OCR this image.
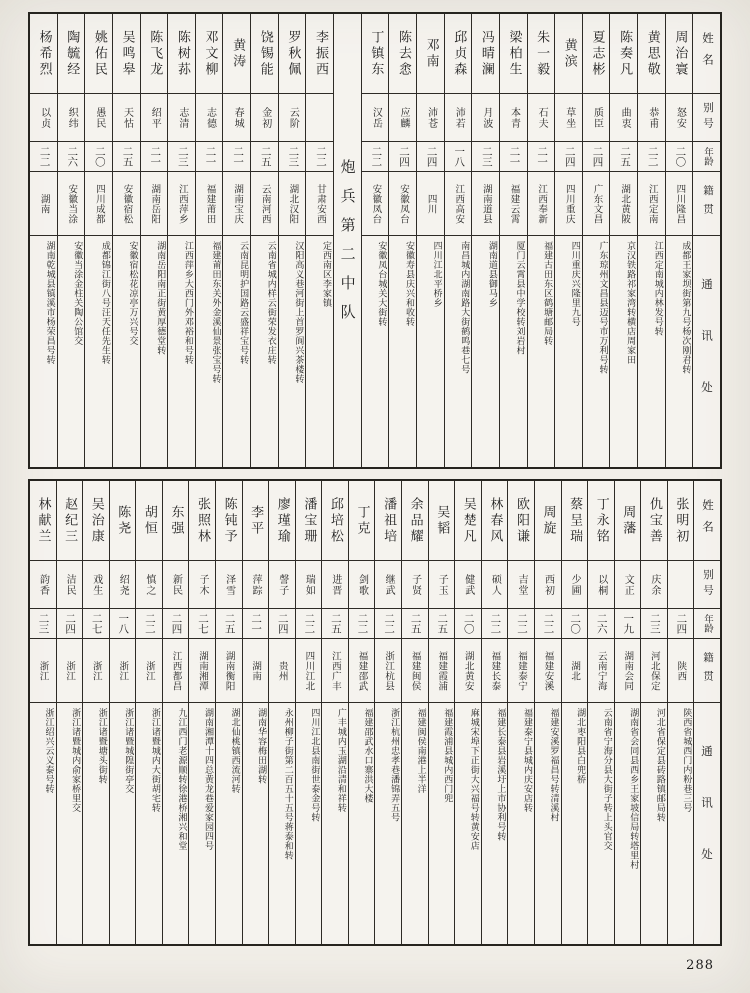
姓名
别号
年龄
籍贯
通讯处
周治寰
怒安
二〇
四川隆昌
成都王家坝街第九号杨次刚君转
黄思敬
恭甫
二二
江西定南
江西定南城内林发号转
陈奏凡
曲衷
二五
湖北黄陂
京汉铁路祁家湾转横店周家田
夏志彬
质臣
二四
广东文昌
广东琼州文昌县迈号市万利号转
黄滨
草坐
二四
四川重庆
四川重庆兴隆里九号
朱一毅
石夫
二一
江西奉新
福建古田东区鹤塘邮局转
梁柏生
本青
二一
福建云霄
厦门云霄县中学校转刘岩村
冯晴澜
月波
二三
湖南道县
湖南道县御马乡
邱贞森
沛若
一八
江西高安
南昌城内湖南路大街鹤鸣巷七号
邓南
沛苍
二四
四川
四川江北平桥乡
陈去悆
应麟
二四
安徽凤台
安徽寿县庆兴和收转
丁镇东
汉岳
二二
安徽凤台
安徽凤台城关大街转
炮兵第二中队
李振西
二二
甘肃安西
定西南区李家镇
罗秋佩
云阶
二三
湖北汉阳
汉阳高义巷河街上首罗阆兴茶楼转
饶锡能
金初
二五
云南河西
云南省城内样云街荣发衣庄转
黄涛
春城
二一
湖南宝庆
云南昆明护国路云盛祥宝号转
邓文柳
志德
二一
福建莆田
福建莆田东关外金溪仙景张宝号转
陈树荪
志清
二三
江西萍乡
江西萍乡大西门外邓裕和号转
陈飞龙
绍平
二一
湖南岳阳
湖南岳阳南正街黄厚德堂转
吴鸣皋
天怙
二五
安徽宿松
安徽宿松花凉亭万兴号交
姚佑民
愚民
二〇
四川成都
成都锦江街八号汪天任先生转
陶毓经
织纬
二六
安徽当涂
安徽当涂金柱关陶公馆交
杨希烈
以贞
二二
湖南
湖南乾城县镇溪市杨荣昌号转
姓名
别号
年龄
籍贯
通讯处
张明初
二四
陕西
陕西省城西门内粉巷三号
仇宝善
庆余
二三
河北保定
河北省保定县砖路镇邮局转
周藩
文正
一九
湖南会同
湖南省会同县西乡王家坡信局转塔里村
丁永铭
以桐
二六
云南宁海
云南省宁海分县大街子转上头官交
蔡呈瑞
少圃
二〇
湖北
湖北枣阳县白兜桥
周旋
西初
二二
福建安溪
福建安溪罗福昌号转清溪村
欧阳谦
吉堂
二二
福建泰宁
福建泰宁县城内庆安店转
林春风
硕人
二二
福建长泰
福建长泰县岩溪圩上市协利号转
吴楚凡
健武
二〇
湖北黄安
麻城宋埠下正街大兴福号转黄安店
吴韬
子玉
二五
福建霞浦
福建霞浦县城内西门兜
余品耀
子贤
二五
福建闽侯
福建闽侯南港上半洋
潘祖培
继武
二二
浙江杭县
浙江杭州忠孝巷潘锦弄五号
丁克
剑歌
二二
福建邵武
福建邵武水口寨洪大楼
邱培松
进晋
二五
江西广丰
广丰城内玉湖沿清和祥转
潘宝珊
瑞如
二二
四川江北
四川江北县南街世泰金号转
廖瑾瑜
謦子
二四
贵州
永州柳子街第二百五十五号蒋泰和转
李平
萍踪
二一
湖南
湖南华容梅田湖转
陈钝予
泽雪
二五
湖南衡阳
湖北仙桃镇西流河转
张照林
子木
二七
湖南湘潭
湖南湘潭十四总黄龙巷爱家园四号
东强
新民
二四
江西都昌
九江西门老源顺转徐港桥湘兴和堂
胡恒
慎之
二二
浙江
浙江诸暨城内大街胡宅转
陈尧
绍尧
一八
浙江
浙江诸暨城隍街亭交
吴治康
戏生
二七
浙江
浙江诸暨塘头街转
赵纪三
洁民
二四
浙江
浙江诸暨城内俞家桥里交
林献兰
韵香
二三
浙江
浙江绍兴云义泰号转
288
